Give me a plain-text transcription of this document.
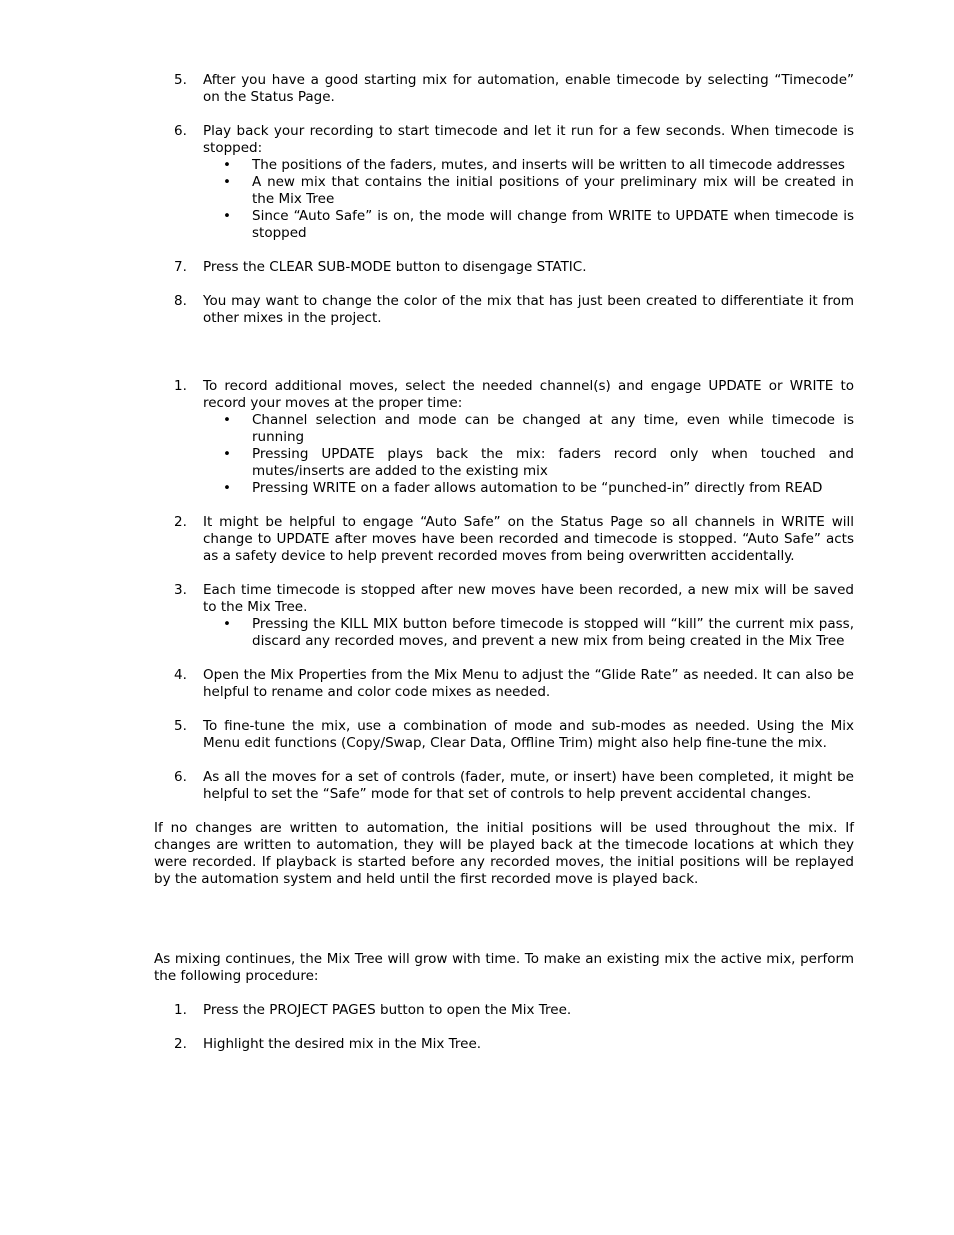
5. After you have a good starting mix for automation, enable timecode by selecting “Timecode” on the Status Page.
6. Play back your recording to start timecode and let it run for a few seconds. When timecode is stopped:
• The positions of the faders, mutes, and inserts will be written to all timecode addresses
• A new mix that contains the initial positions of your preliminary mix will be created in the Mix Tree
• Since “Auto Safe” is on, the mode will change from WRITE to UPDATE when timecode is stopped
7. Press the CLEAR SUB-MODE button to disengage STATIC.
8. You may want to change the color of the mix that has just been created to differentiate it from other mixes in the project.
1. To record additional moves, select the needed channel(s) and engage UPDATE or WRITE to record your moves at the proper time:
• Channel selection and mode can be changed at any time, even while timecode is running
• Pressing UPDATE plays back the mix: faders record only when touched and mutes/inserts are added to the existing mix
• Pressing WRITE on a fader allows automation to be “punched-in” directly from READ
2. It might be helpful to engage “Auto Safe” on the Status Page so all channels in WRITE will change to UPDATE after moves have been recorded and timecode is stopped. “Auto Safe” acts as a safety device to help prevent recorded moves from being overwritten accidentally.
3. Each time timecode is stopped after new moves have been recorded, a new mix will be saved to the Mix Tree.
• Pressing the KILL MIX button before timecode is stopped will “kill” the current mix pass, discard any recorded moves, and prevent a new mix from being created in the Mix Tree
4. Open the Mix Properties from the Mix Menu to adjust the “Glide Rate” as needed. It can also be helpful to rename and color code mixes as needed.
5. To fine-tune the mix, use a combination of mode and sub-modes as needed. Using the Mix Menu edit functions (Copy/Swap, Clear Data, Offline Trim) might also help fine-tune the mix.
6. As all the moves for a set of controls (fader, mute, or insert) have been completed, it might be helpful to set the “Safe” mode for that set of controls to help prevent accidental changes.

If no changes are written to automation, the initial positions will be used throughout the mix. If changes are written to automation, they will be played back at the timecode locations at which they were recorded. If playback is started before any recorded moves, the initial positions will be replayed by the automation system and held until the first recorded move is played back.

As mixing continues, the Mix Tree will grow with time. To make an existing mix the active mix, perform the following procedure:

1. Press the PROJECT PAGES button to open the Mix Tree.
2. Highlight the desired mix in the Mix Tree.
